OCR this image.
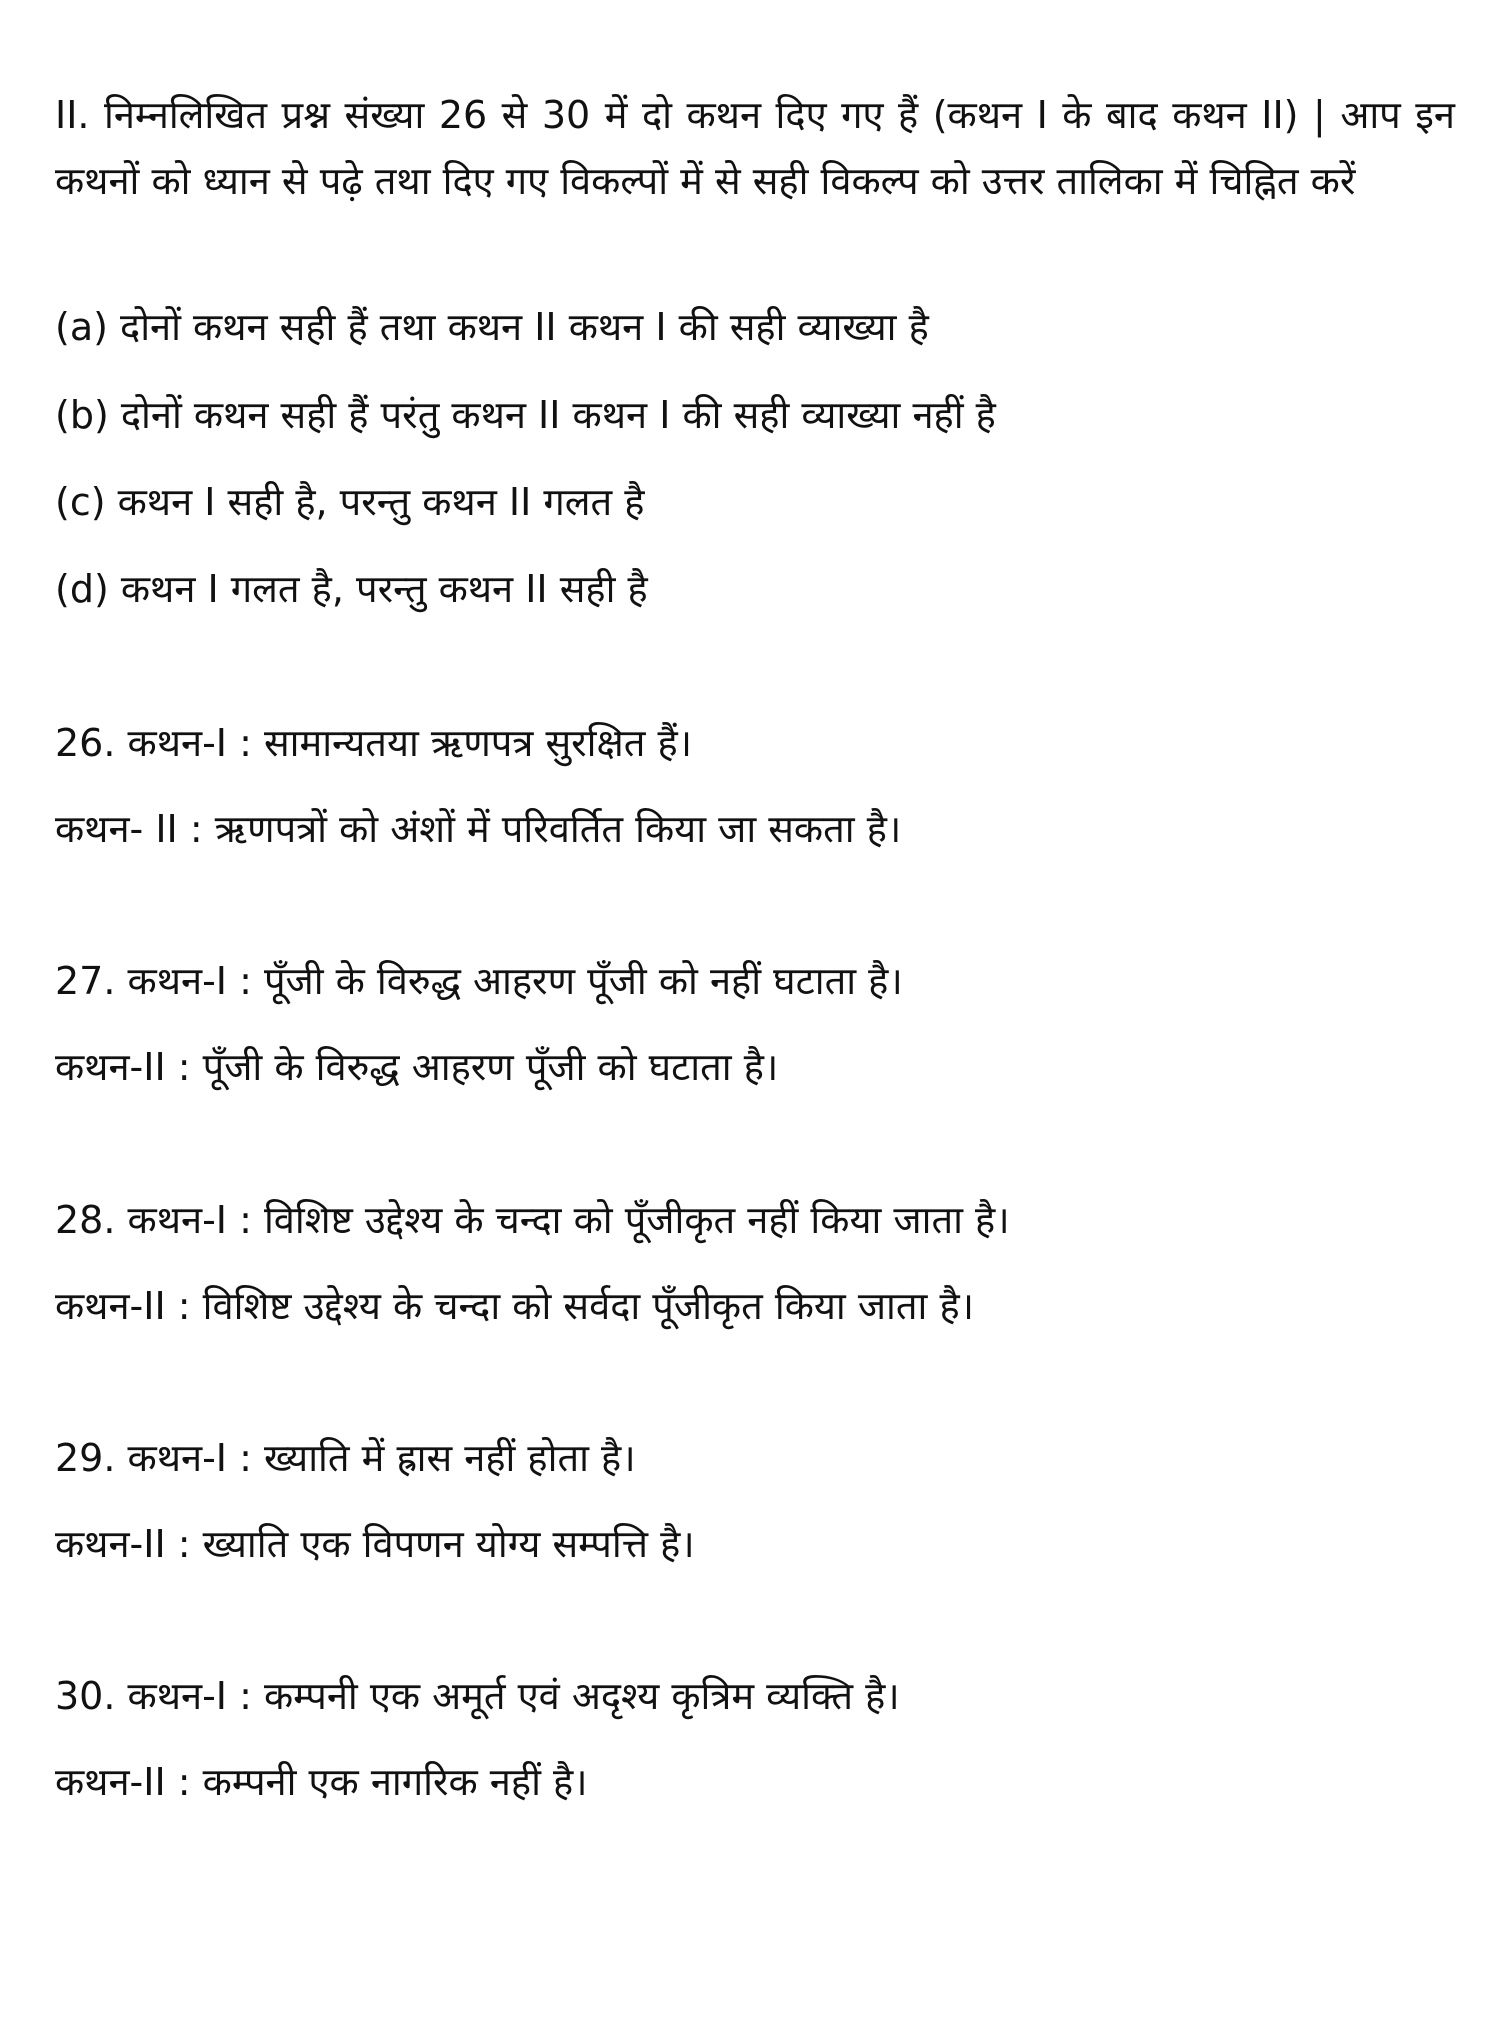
II. निम्नलिखित प्रश्न संख्या 26 से 30 में दो कथन दिए गए हैं (कथन I के बाद कथन II) | आप इन कथनों को ध्यान से पढ़े तथा दिए गए विकल्पों में से सही विकल्प को उत्तर तालिका में चिह्नित करें

(a) दोनों कथन सही हैं तथा कथन II कथन I की सही व्याख्या है

(b) दोनों कथन सही हैं परंतु कथन II कथन I की सही व्याख्या नहीं है

(c) कथन I सही है, परन्तु कथन II गलत है

(d) कथन I गलत है, परन्तु कथन II सही है

26. कथन-I : सामान्यतया ऋणपत्र सुरक्षित हैं।

कथन- II : ऋणपत्रों को अंशों में परिवर्तित किया जा सकता है।

27. कथन-I : पूँजी के विरुद्ध आहरण पूँजी को नहीं घटाता है।

कथन-II : पूँजी के विरुद्ध आहरण पूँजी को घटाता है।

28. कथन-I : विशिष्ट उद्देश्य के चन्दा को पूँजीकृत नहीं किया जाता है।

कथन-II : विशिष्ट उद्देश्य के चन्दा को सर्वदा पूँजीकृत किया जाता है।

29. कथन-I : ख्याति में ह्रास नहीं होता है।

कथन-II : ख्याति एक विपणन योग्य सम्पत्ति है।

30. कथन-I : कम्पनी एक अमूर्त एवं अदृश्य कृत्रिम व्यक्ति है।

कथन-II : कम्पनी एक नागरिक नहीं है।
